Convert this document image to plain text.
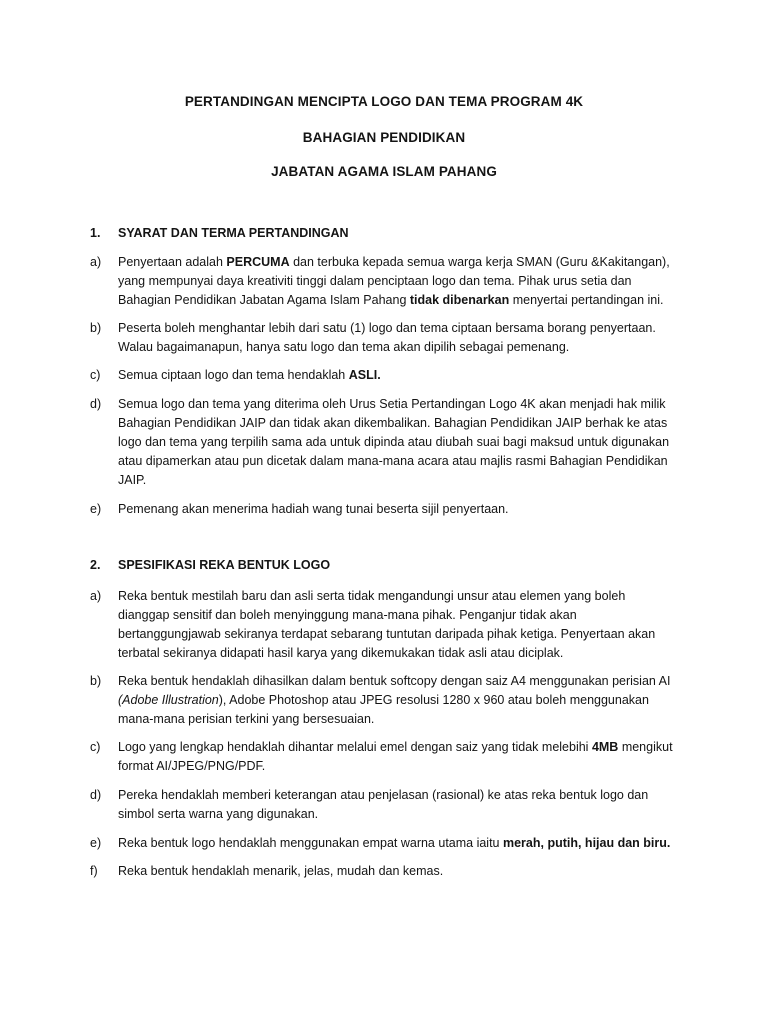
PERTANDINGAN MENCIPTA LOGO DAN TEMA PROGRAM 4K
BAHAGIAN PENDIDIKAN
JABATAN AGAMA ISLAM PAHANG
1. SYARAT DAN TERMA PERTANDINGAN
a)	Penyertaan adalah PERCUMA dan terbuka kepada semua warga kerja SMAN (Guru &Kakitangan),
yang mempunyai daya kreativiti tinggi dalam penciptaan logo dan tema. Pihak urus setia dan
Bahagian Pendidikan Jabatan Agama Islam Pahang tidak dibenarkan menyertai pertandingan ini.
b)	Peserta boleh menghantar lebih dari satu (1) logo dan tema ciptaan bersama borang penyertaan.
Walau bagaimanapun, hanya satu logo dan tema akan dipilih sebagai pemenang.
c)	Semua ciptaan logo dan tema hendaklah ASLI.
d)	Semua logo dan tema yang diterima oleh Urus Setia Pertandingan Logo 4K akan menjadi hak milik
Bahagian Pendidikan JAIP dan tidak akan dikembalikan. Bahagian Pendidikan JAIP berhak ke atas
logo dan tema yang terpilih sama ada untuk dipinda atau diubah suai bagi maksud untuk digunakan
atau dipamerkan atau pun dicetak dalam mana-mana acara atau majlis rasmi Bahagian Pendidikan
JAIP.
e)	Pemenang akan menerima hadiah wang tunai beserta sijil penyertaan.
2. SPESIFIKASI REKA BENTUK LOGO
a)	Reka bentuk mestilah baru dan asli serta tidak mengandungi unsur atau elemen yang boleh
dianggap sensitif dan boleh menyinggung mana-mana pihak. Penganjur tidak akan
bertanggungjawab sekiranya terdapat sebarang tuntutan daripada pihak ketiga. Penyertaan akan
terbatal sekiranya didapati hasil karya yang dikemukakan tidak asli atau diciplak.
b)	Reka bentuk hendaklah dihasilkan dalam bentuk softcopy dengan saiz A4 menggunakan perisian AI
(Adobe Illustration), Adobe Photoshop atau JPEG resolusi 1280 x 960 atau boleh menggunakan
mana-mana perisian terkini yang bersesuaian.
c)	Logo yang lengkap hendaklah dihantar melalui emel dengan saiz yang tidak melebihi 4MB mengikut
format AI/JPEG/PNG/PDF.
d)	Pereka hendaklah memberi keterangan atau penjelasan (rasional) ke atas reka bentuk logo dan
simbol serta warna yang digunakan.
e)	Reka bentuk logo hendaklah menggunakan empat warna utama iaitu merah, putih, hijau dan biru.
f)	Reka bentuk hendaklah menarik, jelas, mudah dan kemas.
